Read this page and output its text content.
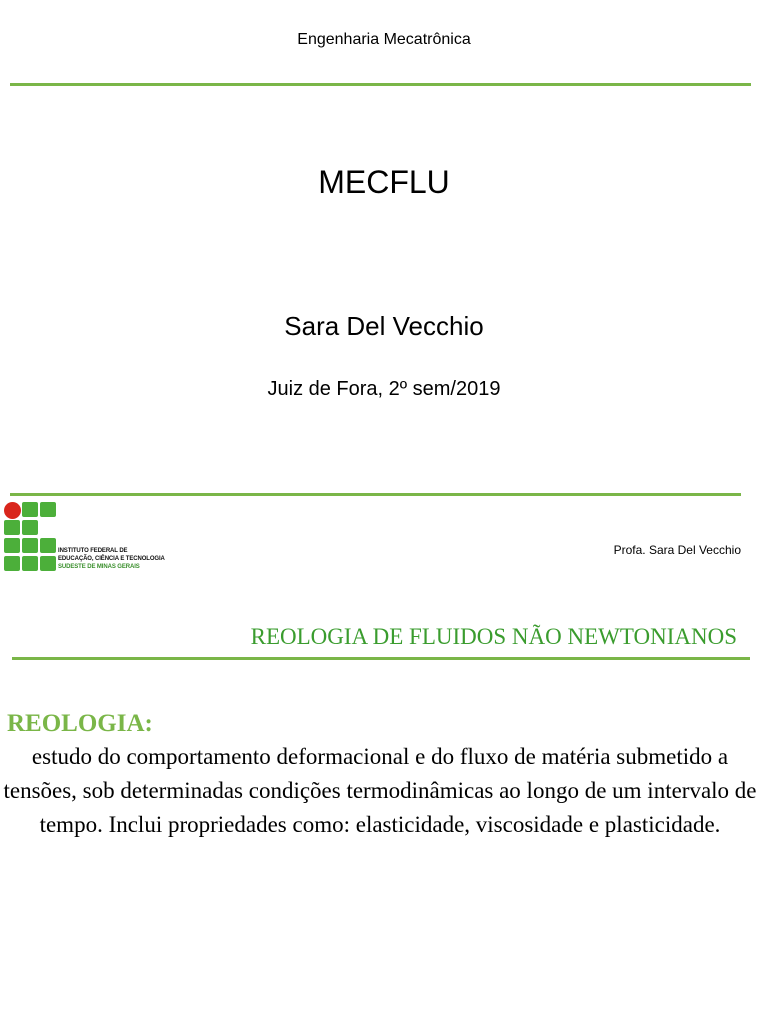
Engenharia Mecatrônica
MECFLU
Sara Del Vecchio
Juiz de Fora, 2º sem/2019
INSTITUTO FEDERAL DE
EDUCAÇÃO, CIÊNCIA E TECNOLOGIA
SUDESTE DE MINAS GERAIS
Profa. Sara Del Vecchio
REOLOGIA DE FLUIDOS NÃO NEWTONIANOS
REOLOGIA:
estudo do comportamento deformacional e do fluxo de matéria submetido a tensões, sob determinadas condições termodinâmicas ao longo de um intervalo de tempo. Inclui propriedades como: elasticidade, viscosidade e plasticidade.
